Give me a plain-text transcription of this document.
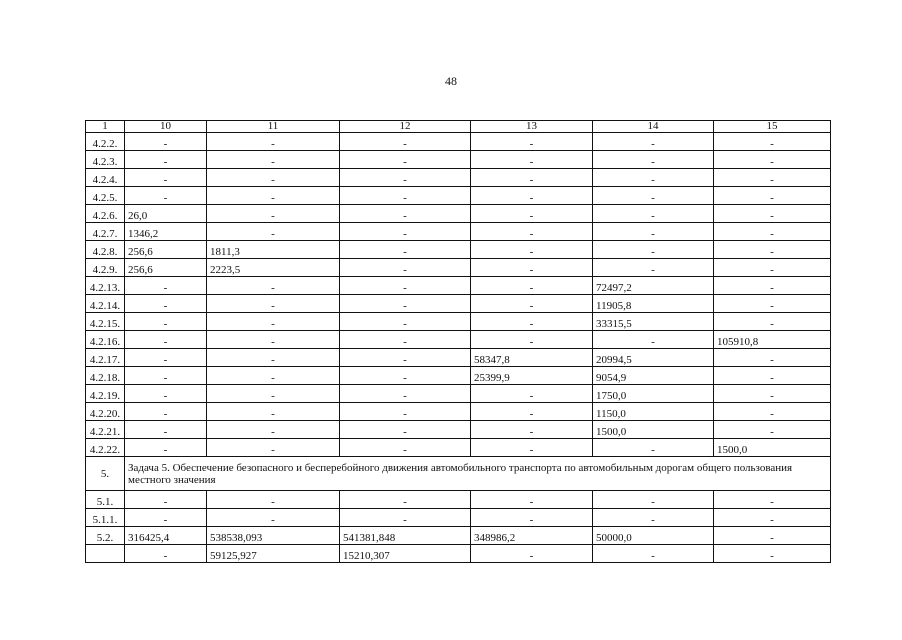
48
1	10	11	12	13	14	15
4.2.2.	-	-	-	-	-	-
4.2.3.	-	-	-	-	-	-
4.2.4.	-	-	-	-	-	-
4.2.5.	-	-	-	-	-	-
4.2.6.	26,0	-	-	-	-	-
4.2.7.	1346,2	-	-	-	-	-
4.2.8.	256,6	1811,3	-	-	-	-
4.2.9.	256,6	2223,5	-	-	-	-
4.2.13.	-	-	-	-	72497,2	-
4.2.14.	-	-	-	-	11905,8	-
4.2.15.	-	-	-	-	33315,5	-
4.2.16.	-	-	-	-	-	105910,8
4.2.17.	-	-	-	58347,8	20994,5	-
4.2.18.	-	-	-	25399,9	9054,9	-
4.2.19.	-	-	-	-	1750,0	-
4.2.20.	-	-	-	-	1150,0	-
4.2.21.	-	-	-	-	1500,0	-
4.2.22.	-	-	-	-	-	1500,0
5.	Задача 5. Обеспечение безопасного и бесперебойного движения автомобильного транспорта по автомобильным дорогам общего пользования местного значения					
5.1.	-	-	-	-	-	-
5.1.1.	-	-	-	-	-	-
5.2.	316425,4	538538,093	541381,848	348986,2	50000,0	-
	-	59125,927	15210,307	-	-	-
